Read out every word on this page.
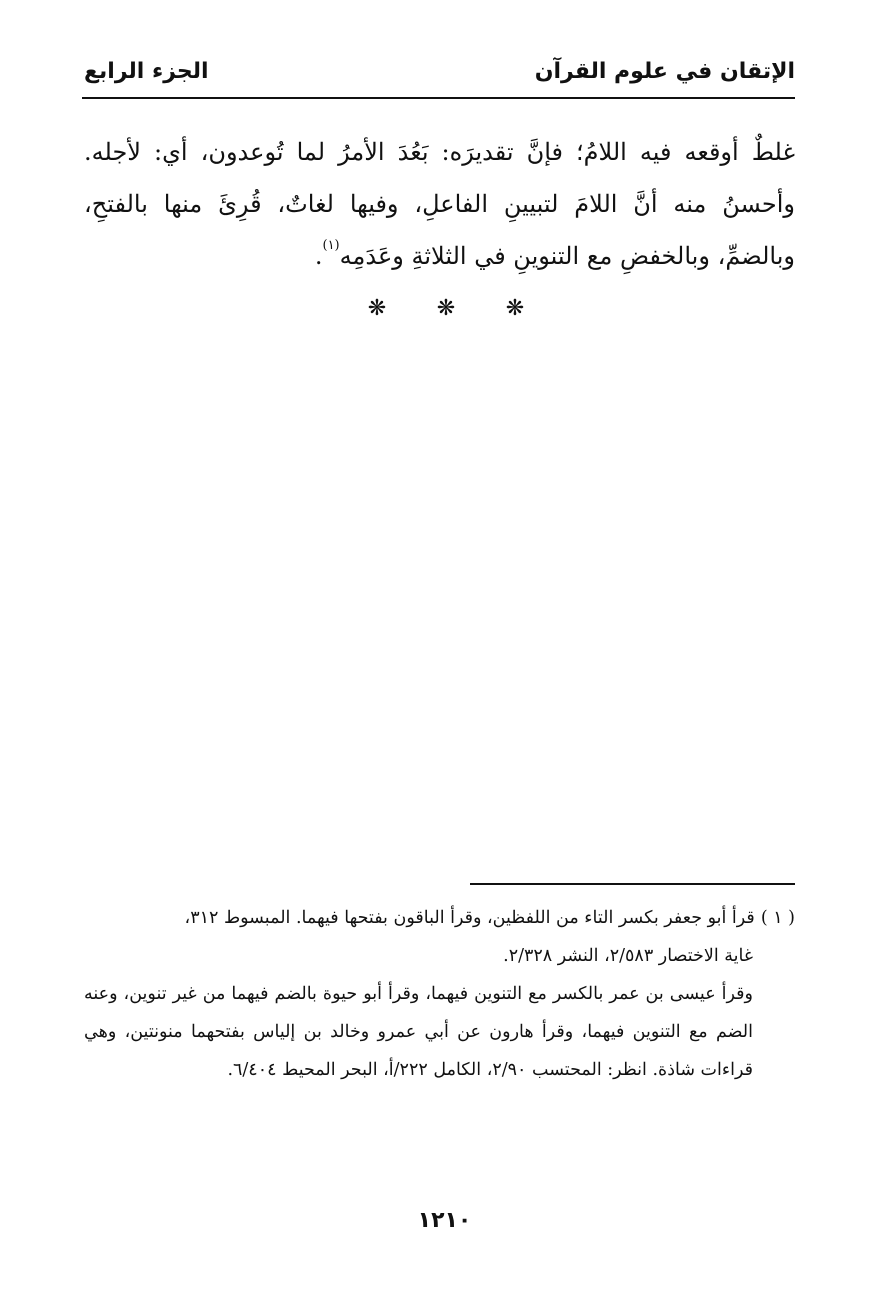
الإتقان في علوم القرآن
الجزء الرابع

غلطٌ أوقعه فيه اللامُ؛ فإنَّ تقديرَه: بَعُدَ الأمرُ لما تُوعدون، أي: لأجله. وأحسنُ منه أنَّ اللامَ لتبيينِ الفاعلِ، وفيها لغاتٌ، قُرِئَ منها بالفتحِ، وبالضمِّ، وبالخفضِ مع التنوينِ في الثلاثةِ وعَدَمِه$^{(١)}$.

❋ ❋ ❋

( ١ )قرأ أبو جعفر بكسر التاء من اللفظين، وقرأ الباقون بفتحها فيهما. المبسوط ٣١٢،

غاية الاختصار ٢/٥٨٣، النشر ٢/٣٢٨.

وقرأ عيسى بن عمر بالكسر مع التنوين فيهما، وقرأ أبو حيوة بالضم فيهما من غير تنوين، وعنه الضم مع التنوين فيهما، وقرأ هارون عن أبي عمرو وخالد بن إلياس بفتحهما منونتين، وهي قراءات شاذة. انظر: المحتسب ٢/٩٠، الكامل ٢٢٢/أ، البحر المحيط ٦/٤٠٤.

١٢١٠
